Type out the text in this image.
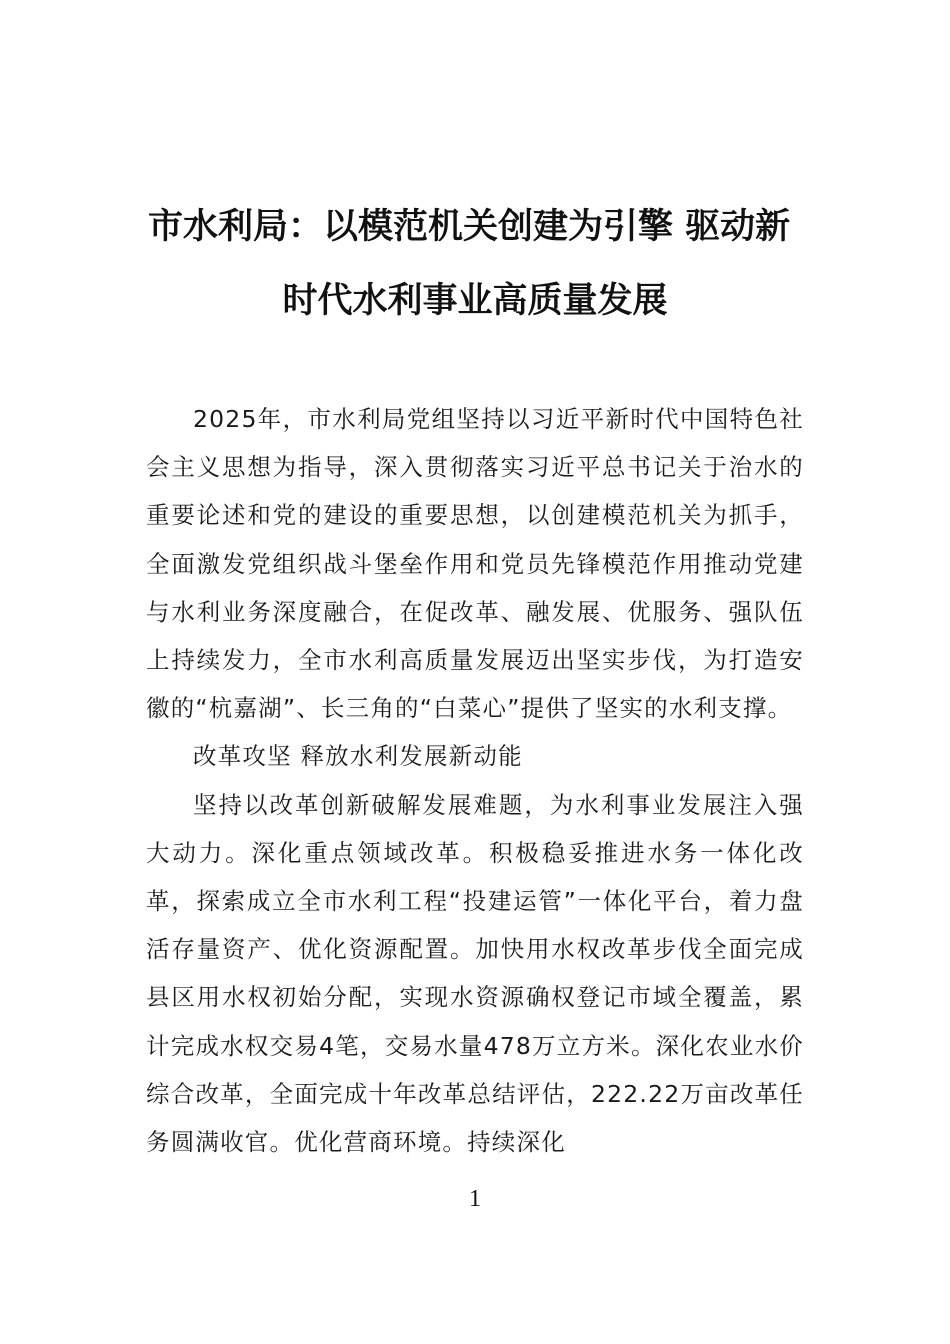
市水利局：以模范机关创建为引擎 驱动新
时代水利事业高质量发展

2025年，市水利局党组坚持以习近平新时代中国特色社会主义思想为指导，深入贯彻落实习近平总书记关于治水的重要论述和党的建设的重要思想，以创建模范机关为抓手，全面激发党组织战斗堡垒作用和党员先锋模范作用推动党建与水利业务深度融合，在促改革、融发展、优服务、强队伍上持续发力，全市水利高质量发展迈出坚实步伐，为打造安徽的“杭嘉湖”、长三角的“白菜心”提供了坚实的水利支撑。

改革攻坚 释放水利发展新动能

坚持以改革创新破解发展难题，为水利事业发展注入强大动力。深化重点领域改革。积极稳妥推进水务一体化改革，探索成立全市水利工程“投建运管”一体化平台，着力盘活存量资产、优化资源配置。加快用水权改革步伐全面完成县区用水权初始分配，实现水资源确权登记市域全覆盖，累计完成水权交易4笔，交易水量478万立方米。深化农业水价综合改革，全面完成十年改革总结评估，222.22万亩改革任务圆满收官。优化营商环境。持续深化

1
